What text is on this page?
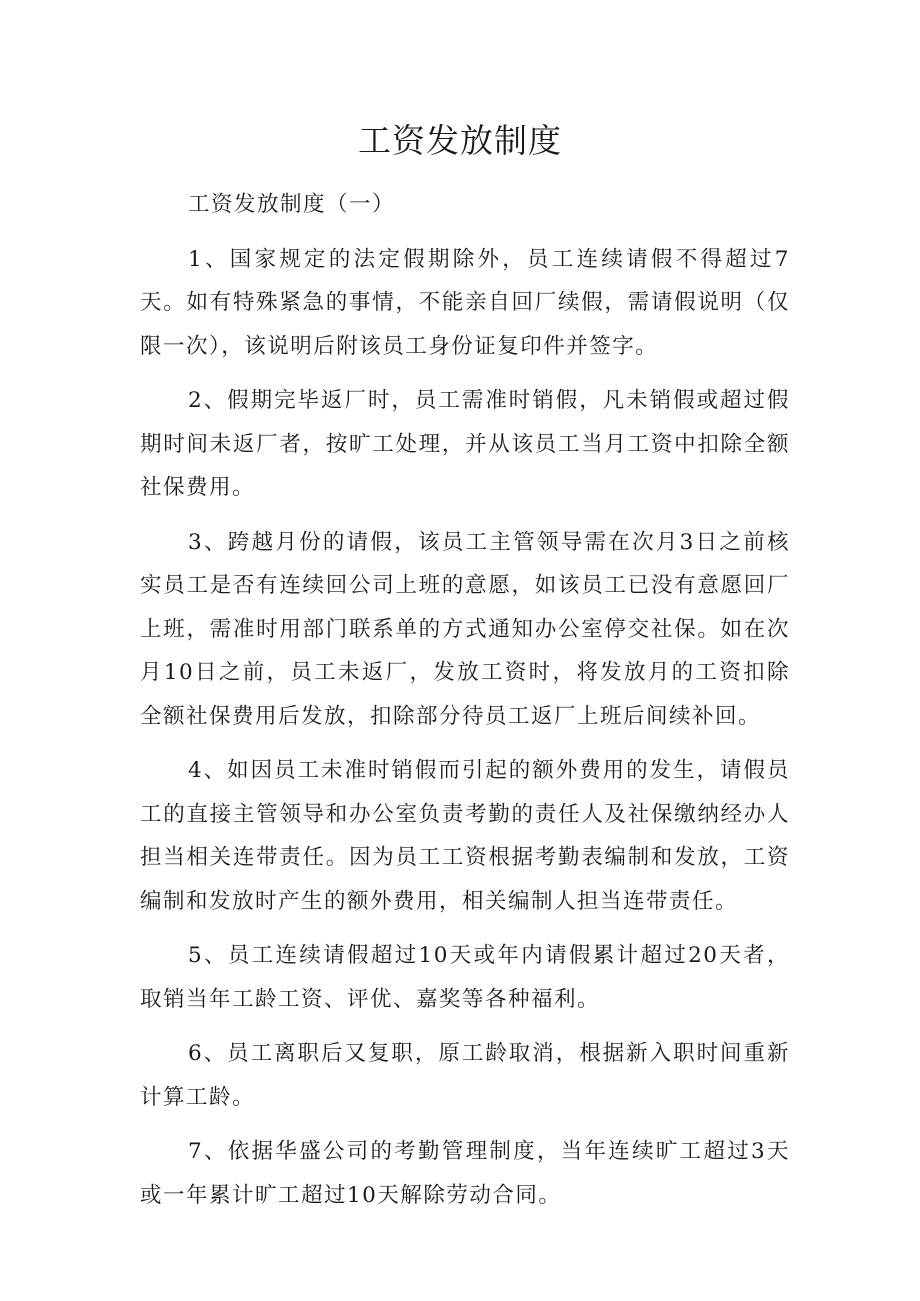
工资发放制度

工资发放制度（一）

1、国家规定的法定假期除外，员工连续请假不得超过7天。如有特殊紧急的事情，不能亲自回厂续假，需请假说明（仅限一次），该说明后附该员工身份证复印件并签字。

2、假期完毕返厂时，员工需准时销假，凡未销假或超过假期时间未返厂者，按旷工处理，并从该员工当月工资中扣除全额社保费用。

3、跨越月份的请假，该员工主管领导需在次月3日之前核实员工是否有连续回公司上班的意愿，如该员工已没有意愿回厂上班，需准时用部门联系单的方式通知办公室停交社保。如在次月10日之前，员工未返厂，发放工资时，将发放月的工资扣除全额社保费用后发放，扣除部分待员工返厂上班后间续补回。

4、如因员工未准时销假而引起的额外费用的发生，请假员工的直接主管领导和办公室负责考勤的责任人及社保缴纳经办人担当相关连带责任。因为员工工资根据考勤表编制和发放，工资编制和发放时产生的额外费用，相关编制人担当连带责任。

5、员工连续请假超过10天或年内请假累计超过20天者，取销当年工龄工资、评优、嘉奖等各种福利。

6、员工离职后又复职，原工龄取消，根据新入职时间重新计算工龄。

7、依据华盛公司的考勤管理制度，当年连续旷工超过3天或一年累计旷工超过10天解除劳动合同。
